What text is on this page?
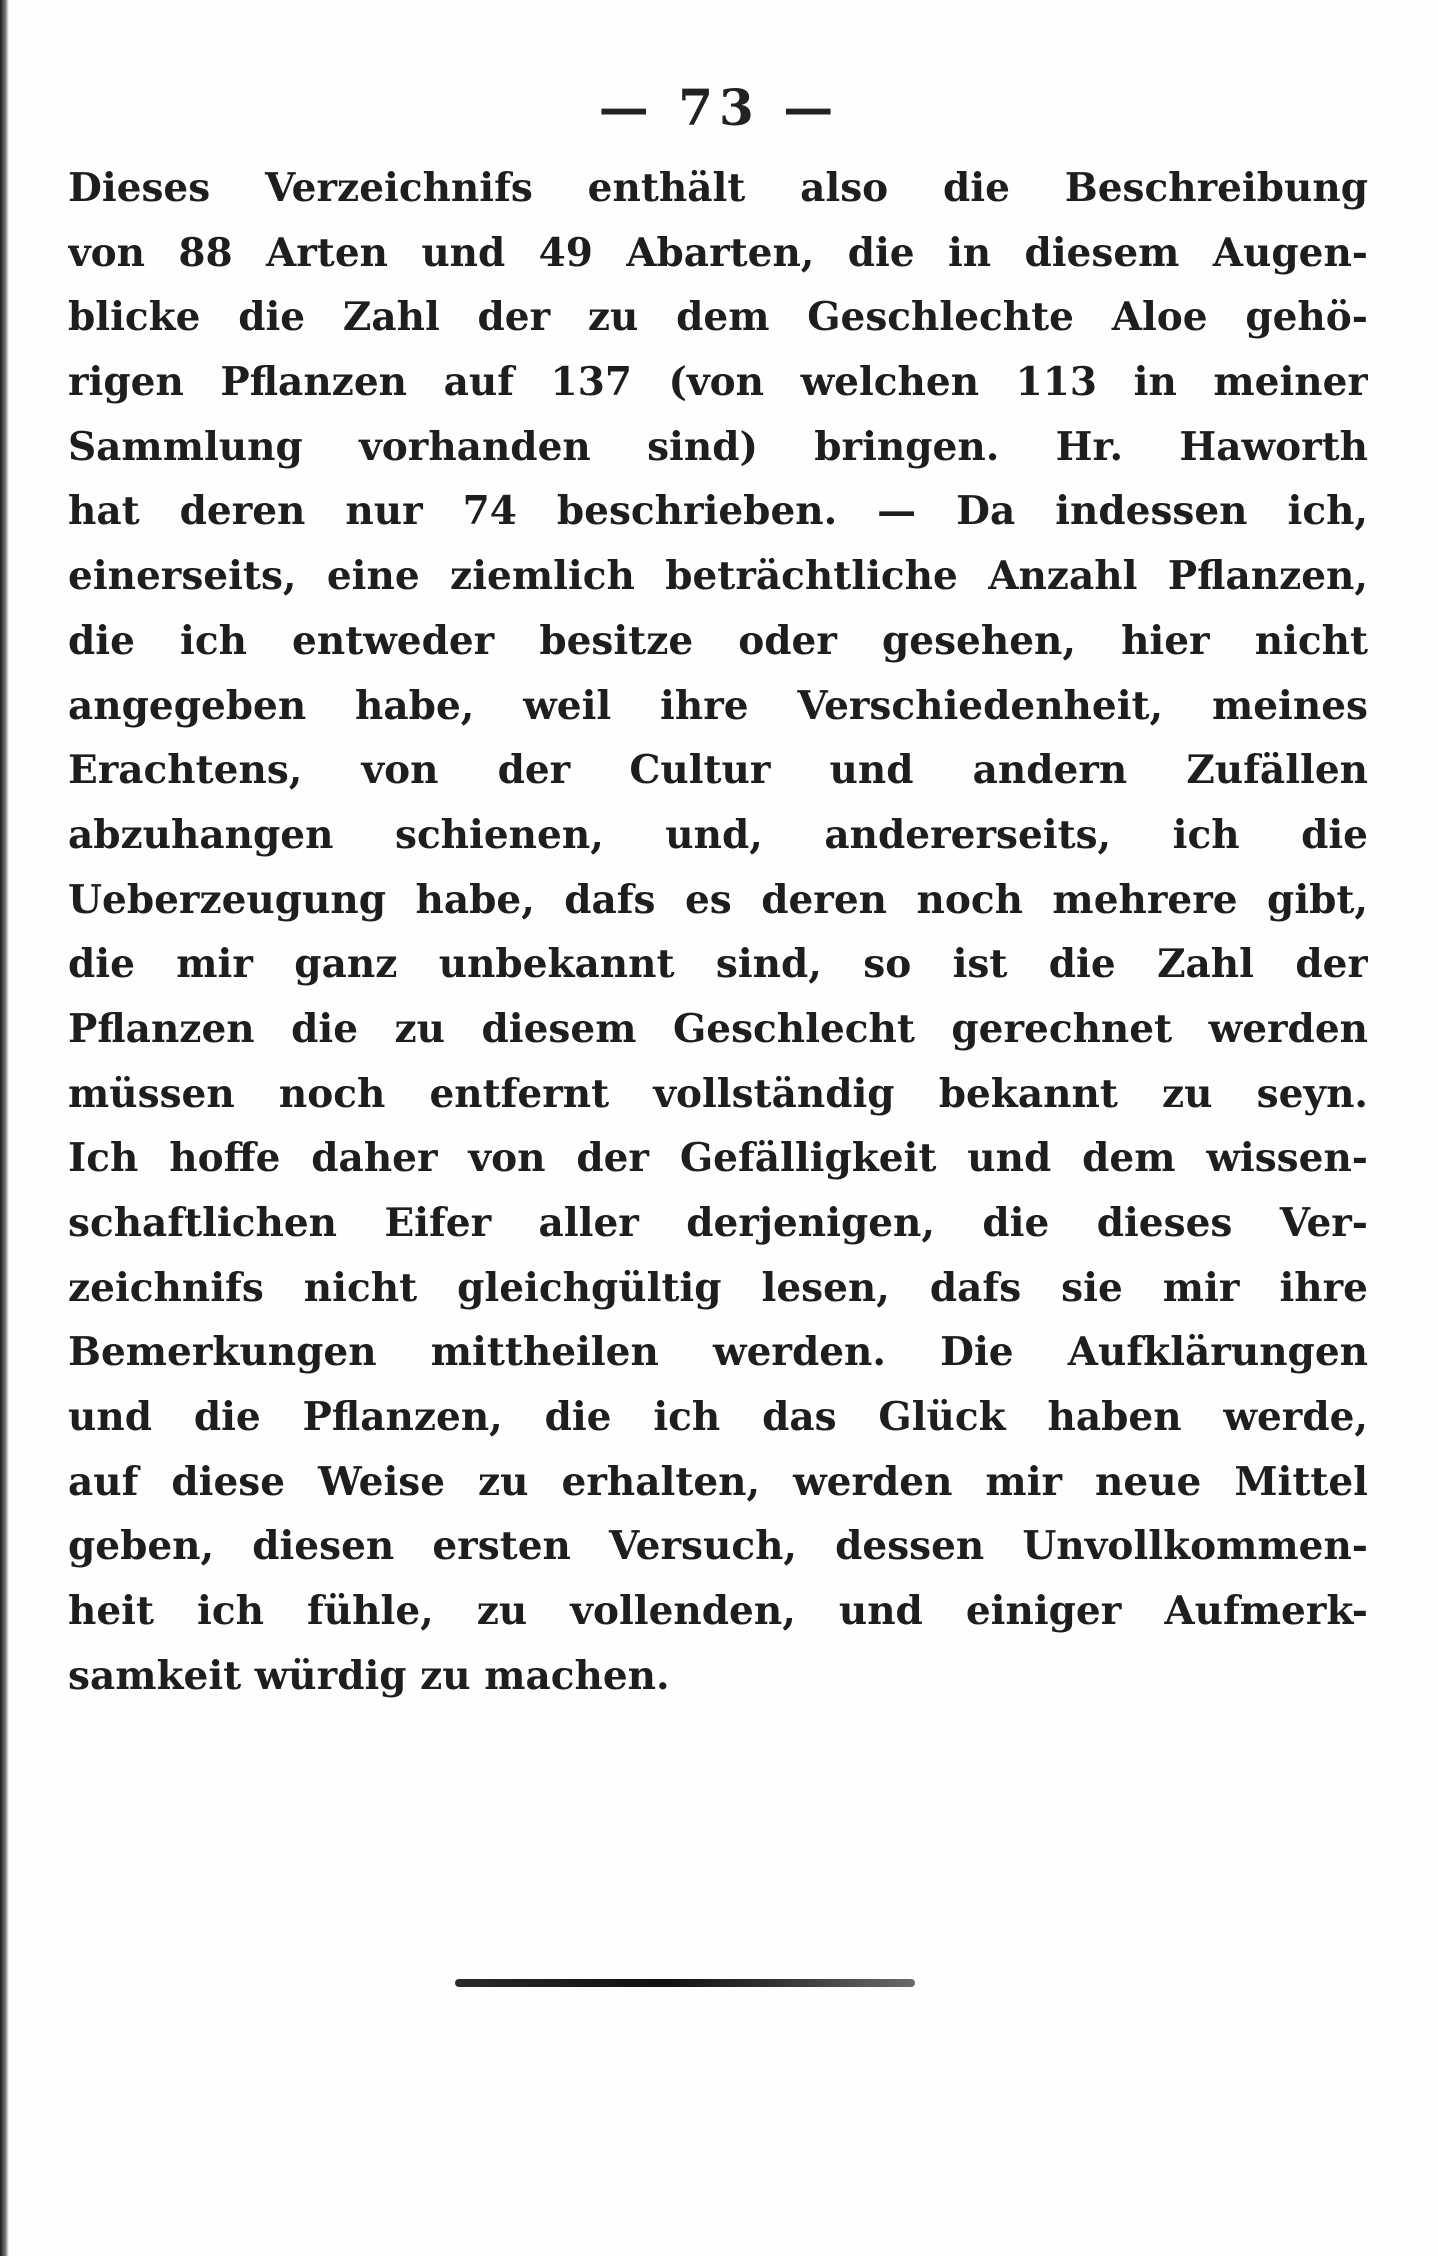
— 73 —
Dieses Verzeichnifs enthält also die Beschreibung
von 88 Arten und 49 Abarten, die in diesem Augen-
blicke die Zahl der zu dem Geschlechte Aloe gehö-
rigen Pflanzen auf 137 (von welchen 113 in meiner
Sammlung vorhanden sind) bringen. Hr. Haworth
hat deren nur 74 beschrieben. — Da indessen ich,
einerseits, eine ziemlich beträchtliche Anzahl Pflanzen,
die ich entweder besitze oder gesehen, hier nicht
angegeben habe, weil ihre Verschiedenheit, meines
Erachtens, von der Cultur und andern Zufällen
abzuhangen schienen, und, andererseits, ich die
Ueberzeugung habe, dafs es deren noch mehrere gibt,
die mir ganz unbekannt sind, so ist die Zahl der
Pflanzen die zu diesem Geschlecht gerechnet werden
müssen noch entfernt vollständig bekannt zu seyn.
Ich hoffe daher von der Gefälligkeit und dem wissen-
schaftlichen Eifer aller derjenigen, die dieses Ver-
zeichnifs nicht gleichgültig lesen, dafs sie mir ihre
Bemerkungen mittheilen werden. Die Aufklärungen
und die Pflanzen, die ich das Glück haben werde,
auf diese Weise zu erhalten, werden mir neue Mittel
geben, diesen ersten Versuch, dessen Unvollkommen-
heit ich fühle, zu vollenden, und einiger Aufmerk-
samkeit würdig zu machen.
